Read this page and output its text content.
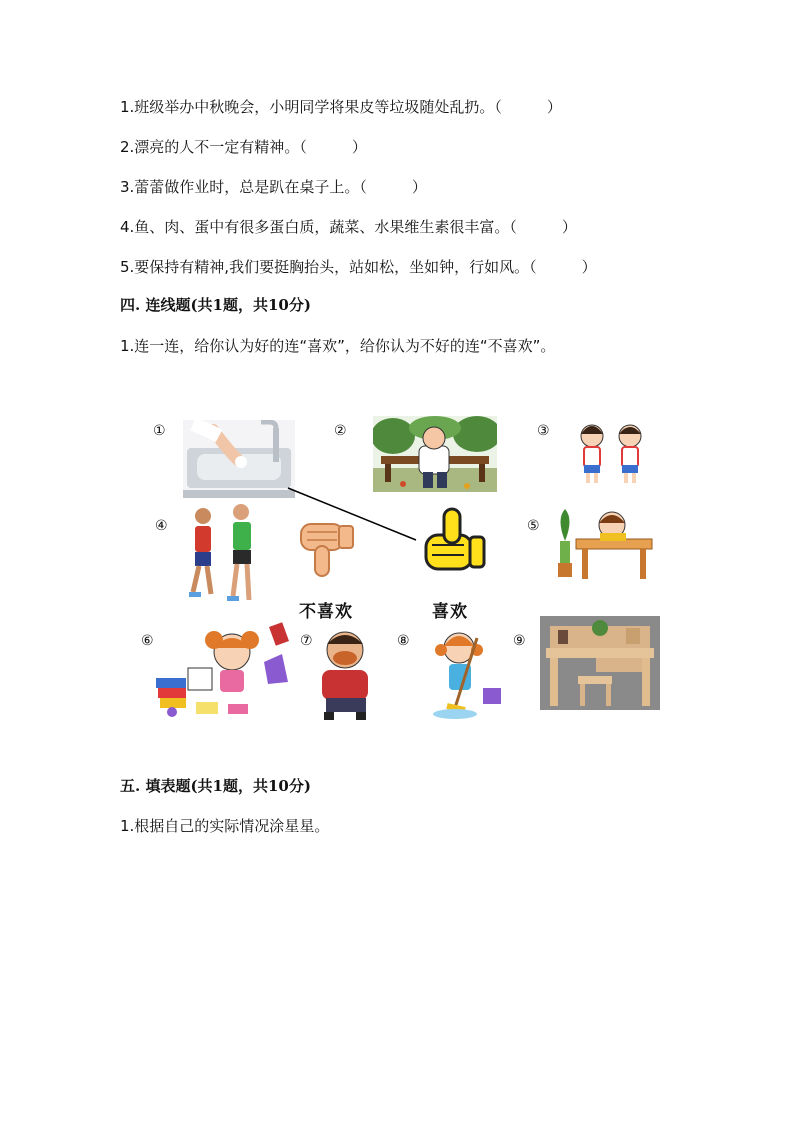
1.班级举办中秋晚会，小明同学将果皮等垃圾随处乱扔。（　　　）
2.漂亮的人不一定有精神。（　　　）
3.蕾蕾做作业时，总是趴在桌子上。（　　　）
4.鱼、肉、蛋中有很多蛋白质，蔬菜、水果维生素很丰富。（　　　）
5.要保持有精神,我们要挺胸抬头，站如松，坐如钟，行如风。（　　　）
四. 连线题(共1题，共10分)
1.连一连，给你认为好的连“喜欢”，给你认为不好的连“不喜欢”。
①	②	③
④	⑤
⑥	⑦	⑧	⑨
不喜欢	喜欢
五. 填表题(共1题，共10分)
1.根据自己的实际情况涂星星。
